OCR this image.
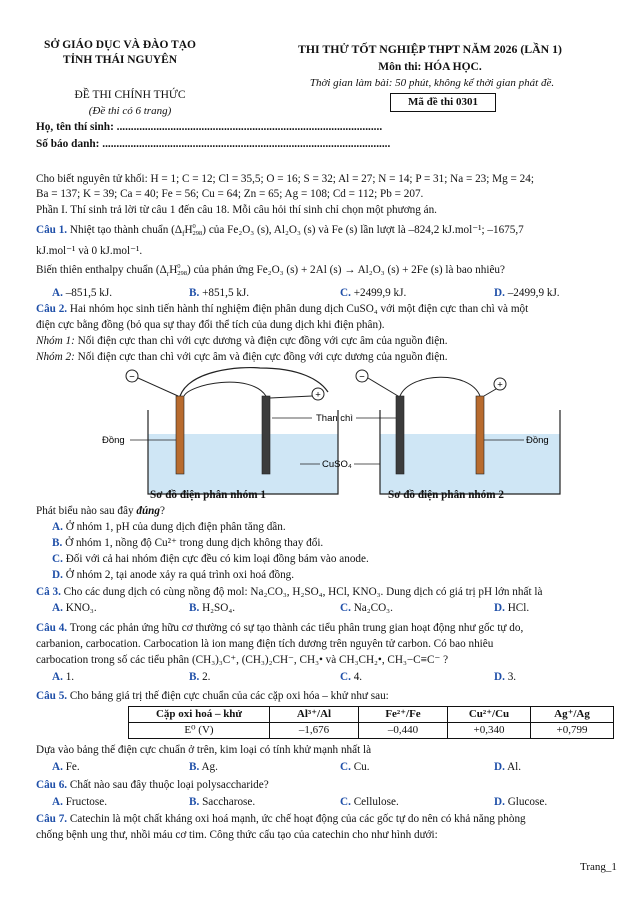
SỞ GIÁO DỤC VÀ ĐÀO TẠO
TỈNH THÁI NGUYÊN
THI THỬ TỐT NGHIỆP THPT NĂM 2026 (LẦN 1)
Môn thi: HÓA HỌC.
Thời gian làm bài: 50 phút, không kể thời gian phát đề.
ĐỀ THI CHÍNH THỨC
(Đề thi có 6 trang)
Mã đề thi 0301
Họ, tên thí sinh: ..............................................................................................
Số báo danh: ......................................................................................................
Cho biết nguyên tử khối: H = 1; C = 12; Cl = 35,5; O = 16; S = 32; Al = 27; N = 14; P = 31; Na = 23; Mg = 24;
Ba = 137; K = 39; Ca = 40; Fe = 56; Cu = 64; Zn = 65; Ag = 108; Cd = 112; Pb = 207.
Phần I. Thí sinh trả lời từ câu 1 đến câu 18. Mỗi câu hỏi thí sinh chỉ chọn một phương án.
Câu 1. Nhiệt tạo thành chuẩn ($\Delta_fH$ 0
298 ) của Fe₂O₃ (s), Al₂O₃ (s) và Fe (s) lần lượt là –824,2 kJ.mol⁻¹; –1675,7
kJ.mol⁻¹ và 0 kJ.mol⁻¹.
Biến thiên enthalpy chuẩn ($\Delta_rH$ 0
298 ) của phản ứng Fe₂O₃ (s) + 2Al (s) → Al₂O₃ (s) + 2Fe (s) là bao nhiêu?
A. –851,5 kJ.	B. +851,5 kJ.	C. +2499,9 kJ.	D. –2499,9 kJ.
Câu 2. Hai nhóm học sinh tiến hành thí nghiệm điện phân dung dịch CuSO₄ với một điện cực than chì và một
điện cực bằng đồng (bỏ qua sự thay đổi thể tích của dung dịch khi điện phân).
Nhóm 1: Nối điện cực than chì với cực dương và điện cực đồng với cực âm của nguồn điện.
Nhóm 2: Nối điện cực than chì với cực âm và điện cực đồng với cực dương của nguồn điện.
−
+
−
+
Than chì
Đồng	Đồng
CuSO₄
Sơ đồ điện phân nhóm 1	Sơ đồ điện phân nhóm 2
Phát biểu nào sau đây đúng?
A. Ở nhóm 1, pH của dung dịch điện phân tăng dần.
B. Ở nhóm 1, nồng độ Cu²⁺ trong dung dịch không thay đổi.
C. Đối với cả hai nhóm điện cực đều có kim loại đồng bám vào anode.
D. Ở nhóm 2, tại anode xảy ra quá trình oxi hoá đồng.
Câ 3. Cho các dung dịch có cùng nồng độ mol: Na₂CO₃, H₂SO₄, HCl, KNO₃. Dung dịch có giá trị pH lớn nhất là
A. KNO₃.	B. H₂SO₄.	C. Na₂CO₃.	D. HCl.
Câu 4. Trong các phản ứng hữu cơ thường có sự tạo thành các tiểu phân trung gian hoạt động như gốc tự do,
carbanion, carbocation. Carbocation là ion mang điện tích dương trên nguyên tử carbon. Có bao nhiêu
carbocation trong số các tiểu phân (CH₃)₃C⁺, (CH₃)₂CH⁻, CH₃• và CH₃CH₂•, CH₃−C≡C⁻ ?
A. 1.	B. 2.	C. 4.	D. 3.
Câu 5. Cho bảng giá trị thế điện cực chuẩn của các cặp oxi hóa – khử như sau:
Cặp oxi hoá – khử	Al³⁺/Al	Fe²⁺/Fe	Cu²⁺/Cu	Ag⁺/Ag
E⁰ (V)	–1,676	–0,440	+0,340	+0,799
Dựa vào bảng thế điện cực chuẩn ở trên, kim loại có tính khử mạnh nhất là
A. Fe.	B. Ag.	C. Cu.	D. Al.
Câu 6. Chất nào sau đây thuộc loại polysaccharide?
A. Fructose.	B. Saccharose.	C. Cellulose.	D. Glucose.
Câu 7. Catechin là một chất kháng oxi hoá mạnh, ức chế hoạt động của các gốc tự do nên có khả năng phòng
chống bệnh ung thư, nhồi máu cơ tim. Công thức cấu tạo của catechin cho như hình dưới:
Trang_1
